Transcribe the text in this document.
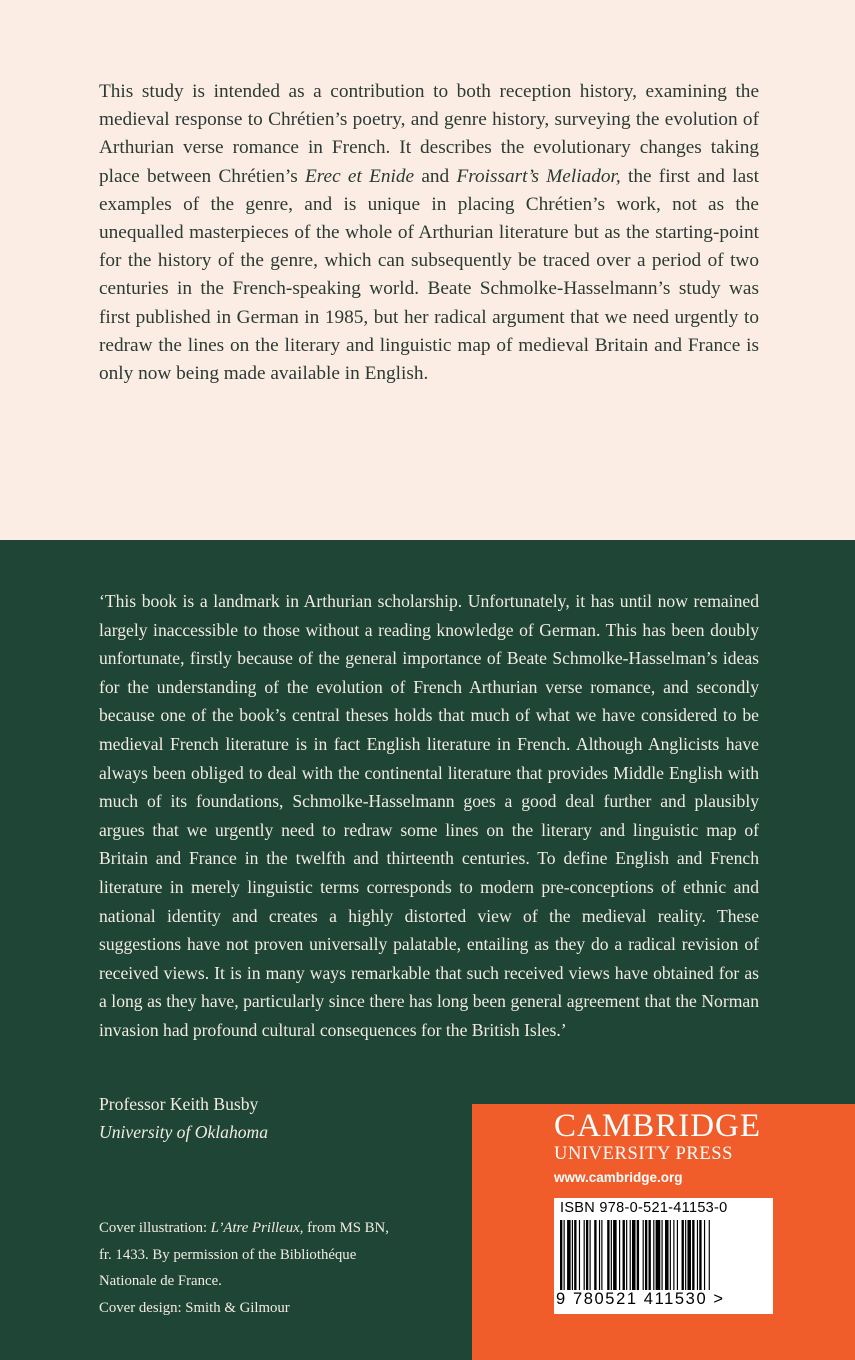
This study is intended as a contribution to both reception history, examining the medieval response to Chrétien’s poetry, and genre history, surveying the evolution of Arthurian verse romance in French. It describes the evolutionary changes taking place between Chrétien’s Erec et Enide and Froissart’s Meliador, the first and last examples of the genre, and is unique in placing Chrétien’s work, not as the unequalled masterpieces of the whole of Arthurian literature but as the starting-point for the history of the genre, which can subsequently be traced over a period of two centuries in the French-speaking world. Beate Schmolke-Hasselmann’s study was first published in German in 1985, but her radical argument that we need urgently to redraw the lines on the literary and linguistic map of medieval Britain and France is only now being made available in English.

‘This book is a landmark in Arthurian scholarship. Unfortunately, it has until now remained largely inaccessible to those without a reading knowledge of German. This has been doubly unfortunate, firstly because of the general importance of Beate Schmolke-Hasselman’s ideas for the understanding of the evolution of French Arthurian verse romance, and secondly because one of the book’s central theses holds that much of what we have considered to be medieval French literature is in fact English literature in French. Although Anglicists have always been obliged to deal with the continental literature that provides Middle English with much of its foundations, Schmolke-Hasselmann goes a good deal further and plausibly argues that we urgently need to redraw some lines on the literary and linguistic map of Britain and France in the twelfth and thirteenth centuries. To define English and French literature in merely linguistic terms corresponds to modern pre-conceptions of ethnic and national identity and creates a highly distorted view of the medieval reality. These suggestions have not proven universally palatable, entailing as they do a radical revision of received views. It is in many ways remarkable that such received views have obtained for as a long as they have, particularly since there has long been general agreement that the Norman invasion had profound cultural consequences for the British Isles.’

Professor Keith Busby
University of Oklahoma
Cover illustration: L’Atre Prilleux, from MS BN, fr. 1433. By permission of the Bibliothéque Nationale de France.
Cover design: Smith & Gilmour
CAMBRIDGE
UNIVERSITY PRESS
www.cambridge.org
ISBN 978-0-521-41153-0
9 780521 411530 >
